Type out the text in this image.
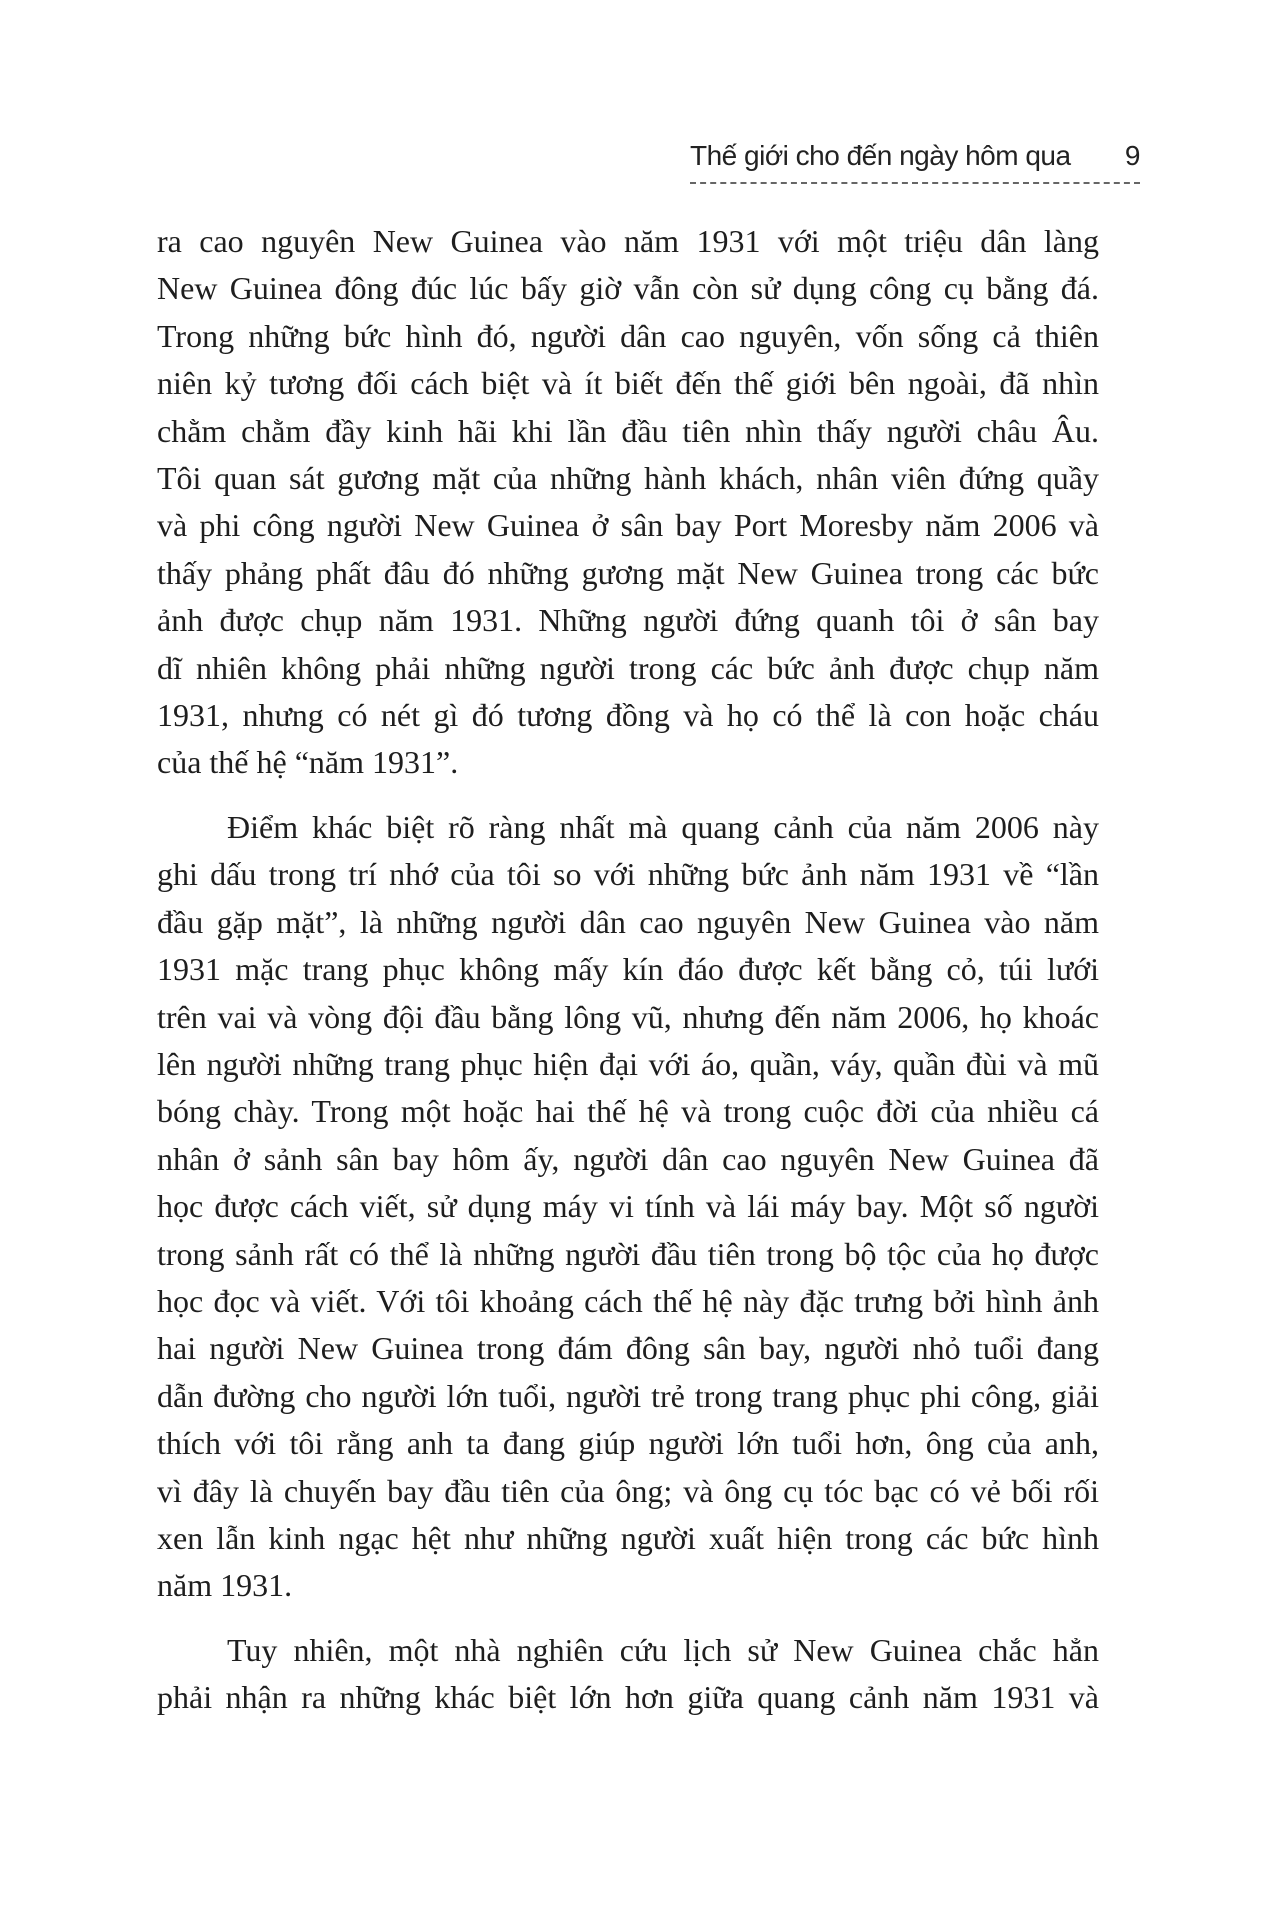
Thế giới cho đến ngày hôm qua 9

ra cao nguyên New Guinea vào năm 1931 với một triệu dân làng
New Guinea đông đúc lúc bấy giờ vẫn còn sử dụng công cụ bằng đá.
Trong những bức hình đó, người dân cao nguyên, vốn sống cả thiên
niên kỷ tương đối cách biệt và ít biết đến thế giới bên ngoài, đã nhìn
chằm chằm đầy kinh hãi khi lần đầu tiên nhìn thấy người châu Âu.
Tôi quan sát gương mặt của những hành khách, nhân viên đứng quầy
và phi công người New Guinea ở sân bay Port Moresby năm 2006 và
thấy phảng phất đâu đó những gương mặt New Guinea trong các bức
ảnh được chụp năm 1931. Những người đứng quanh tôi ở sân bay
dĩ nhiên không phải những người trong các bức ảnh được chụp năm
1931, nhưng có nét gì đó tương đồng và họ có thể là con hoặc cháu
của thế hệ “năm 1931”.

Điểm khác biệt rõ ràng nhất mà quang cảnh của năm 2006 này
ghi dấu trong trí nhớ của tôi so với những bức ảnh năm 1931 về “lần
đầu gặp mặt”, là những người dân cao nguyên New Guinea vào năm
1931 mặc trang phục không mấy kín đáo được kết bằng cỏ, túi lưới
trên vai và vòng đội đầu bằng lông vũ, nhưng đến năm 2006, họ khoác
lên người những trang phục hiện đại với áo, quần, váy, quần đùi và mũ
bóng chày. Trong một hoặc hai thế hệ và trong cuộc đời của nhiều cá
nhân ở sảnh sân bay hôm ấy, người dân cao nguyên New Guinea đã
học được cách viết, sử dụng máy vi tính và lái máy bay. Một số người
trong sảnh rất có thể là những người đầu tiên trong bộ tộc của họ được
học đọc và viết. Với tôi khoảng cách thế hệ này đặc trưng bởi hình ảnh
hai người New Guinea trong đám đông sân bay, người nhỏ tuổi đang
dẫn đường cho người lớn tuổi, người trẻ trong trang phục phi công, giải
thích với tôi rằng anh ta đang giúp người lớn tuổi hơn, ông của anh,
vì đây là chuyến bay đầu tiên của ông; và ông cụ tóc bạc có vẻ bối rối
xen lẫn kinh ngạc hệt như những người xuất hiện trong các bức hình
năm 1931.

Tuy nhiên, một nhà nghiên cứu lịch sử New Guinea chắc hẳn
phải nhận ra những khác biệt lớn hơn giữa quang cảnh năm 1931 và
